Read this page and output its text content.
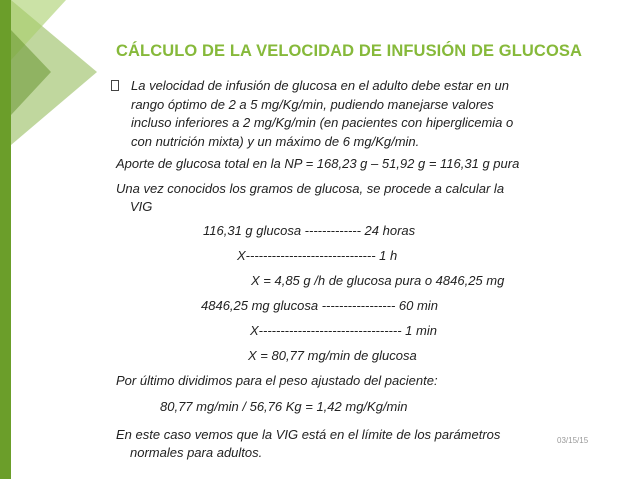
CÁLCULO DE LA VELOCIDAD DE INFUSIÓN DE GLUCOSA
La velocidad de infusión de glucosa en el adulto debe estar en un
rango óptimo de 2 a 5 mg/Kg/min, pudiendo manejarse valores
incluso inferiores a 2 mg/Kg/min (en pacientes con hiperglicemia o
con nutrición mixta) y un máximo de 6 mg/Kg/min.
Aporte de glucosa total en la NP = 168,23 g – 51,92 g = 116,31 g pura
Una vez conocidos los gramos de glucosa, se procede a calcular la
VIG
116,31 g glucosa ------------- 24 horas
X------------------------------ 1 h
X = 4,85 g /h de glucosa pura o 4846,25 mg
4846,25 mg glucosa ----------------- 60 min
X--------------------------------- 1 min
X = 80,77 mg/min de glucosa
Por último dividimos para el peso ajustado del paciente:
80,77 mg/min / 56,76 Kg = 1,42 mg/Kg/min
En este caso vemos que la VIG está en el límite de los parámetros
normales para adultos.
03/15/15
